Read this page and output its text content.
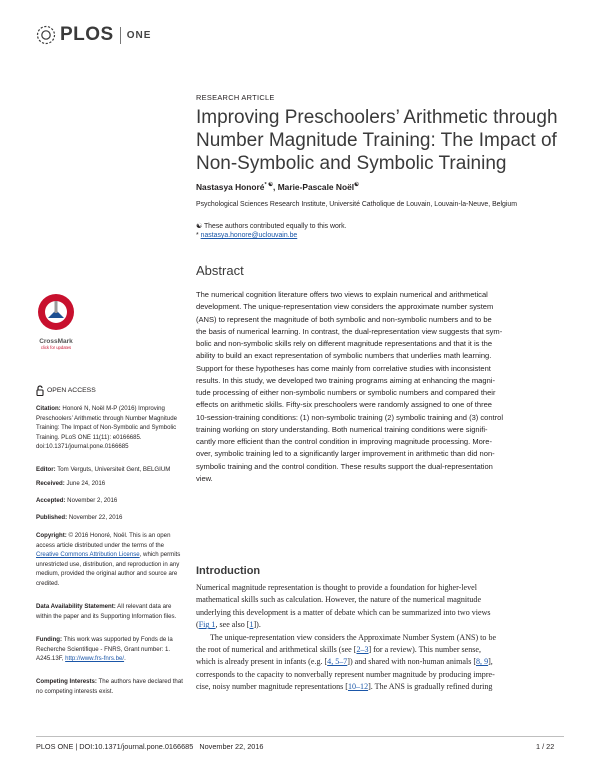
PLOS ONE
RESEARCH ARTICLE
Improving Preschoolers’ Arithmetic through Number Magnitude Training: The Impact of Non-Symbolic and Symbolic Training
Nastasya Honoré* ☯, Marie-Pascale Noël☯
Psychological Sciences Research Institute, Université Catholique de Louvain, Louvain-la-Neuve, Belgium
☯ These authors contributed equally to this work.
* nastasya.honore@uclouvain.be
Abstract
The numerical cognition literature offers two views to explain numerical and arithmetical
development. The unique-representation view considers the approximate number system
(ANS) to represent the magnitude of both symbolic and non-symbolic numbers and to be
the basis of numerical learning. In contrast, the dual-representation view suggests that sym-
bolic and non-symbolic skills rely on different magnitude representations and that it is the
ability to build an exact representation of symbolic numbers that underlies math learning.
Support for these hypotheses has come mainly from correlative studies with inconsistent
results. In this study, we developed two training programs aiming at enhancing the magni-
tude processing of either non-symbolic numbers or symbolic numbers and compared their
effects on arithmetic skills. Fifty-six preschoolers were randomly assigned to one of three
10-session-training conditions: (1) non-symbolic training (2) symbolic training and (3) control
training working on story understanding. Both numerical training conditions were signifi-
cantly more efficient than the control condition in improving magnitude processing. More-
over, symbolic training led to a significantly larger improvement in arithmetic than did non-
symbolic training and the control condition. These results support the dual-representation
view.
Introduction
Numerical magnitude representation is thought to provide a foundation for higher-level
mathematical skills such as calculation. However, the nature of the numerical magnitude
underlying this development is a matter of debate which can be summarized into two views
(Fig 1, see also [1]).
The unique-representation view considers the Approximate Number System (ANS) to be
the root of numerical and arithmetical skills (see [2–3] for a review). This number sense,
which is already present in infants (e.g. [4, 5–7]) and shared with non-human animals [8, 9],
corresponds to the capacity to nonverbally represent number magnitude by producing impre-
cise, noisy number magnitude representations [10–12]. The ANS is gradually refined during
CrossMark
click for updates
OPEN ACCESS
Citation: Honoré N, Noël M-P (2016) Improving Preschoolers’ Arithmetic through Number Magnitude Training: The Impact of Non-Symbolic and Symbolic Training. PLoS ONE 11(11): e0166685. doi:10.1371/journal.pone.0166685
Editor: Tom Verguts, Universiteit Gent, BELGIUM
Received: June 24, 2016
Accepted: November 2, 2016
Published: November 22, 2016
Copyright: © 2016 Honoré, Noël. This is an open access article distributed under the terms of the Creative Commons Attribution License, which permits unrestricted use, distribution, and reproduction in any medium, provided the original author and source are credited.
Data Availability Statement: All relevant data are within the paper and its Supporting Information files.
Funding: This work was supported by Fonds de la Recherche Scientifique - FNRS, Grant number: 1. A245.13F, http://www.frs-fnrs.be/.
Competing Interests: The authors have declared that no competing interests exist.
PLOS ONE | DOI:10.1371/journal.pone.0166685   November 22, 2016	1 / 22
